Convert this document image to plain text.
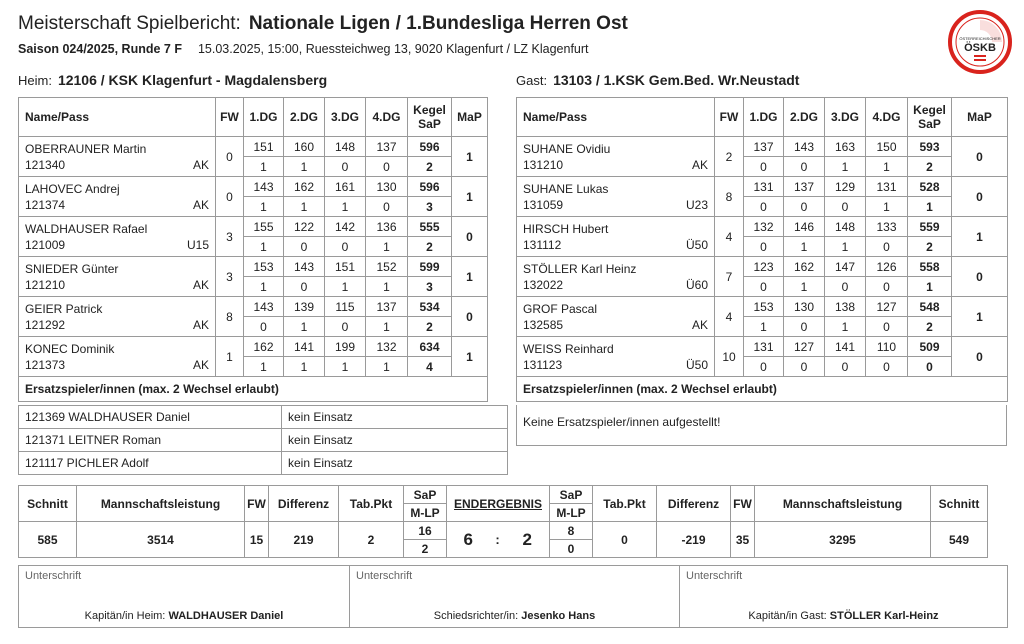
Meisterschaft Spielbericht: Nationale Ligen / 1.Bundesliga Herren Ost
Saison 024/2025, Runde 7 F 15.03.2025, 15:00, Ruessteichweg 13, 9020 Klagenfurt / LZ Klagenfurt
ÖSTERREICHISCHER
ÖSKB
Heim: 12106 / KSK Klagenfurt - Magdalensberg	Gast: 13103 / 1.KSK Gem.Bed. Wr.Neustadt
Name/Pass	FW	1.DG	2.DG	3.DG	4.DG	Kegel
SaP	MaP

OBERRAUNER Martin
121340 AK	0	151	160	148	137	596	1
		1	1	0	0	2	

LAHOVEC Andrej
121374 AK	0	143	162	161	130	596	1
		1	1	1	0	3	

WALDHAUSER Rafael
121009 U15	3	155	122	142	136	555	0
		1	0	0	1	2	

SNIEDER Günter
121210 AK	3	153	143	151	152	599	1
		1	0	1	1	3	

GEIER Patrick
121292 AK	8	143	139	115	137	534	0
		0	1	0	1	2	

KONEC Dominik
121373 AK	1	162	141	199	132	634	1
		1	1	1	1	4	
Ersatzspieler/innen (max. 2 Wechsel erlaubt)							
Name/Pass	FW	1.DG	2.DG	3.DG	4.DG	Kegel
SaP	MaP

SUHANE Ovidiu
131210 AK	2	137	143	163	150	593	0
		0	0	1	1	2	

SUHANE Lukas
131059 U23	8	131	137	129	131	528	0
		0	0	0	1	1	

HIRSCH Hubert
131112 Ü50	4	132	146	148	133	559	1
		0	1	1	0	2	

STÖLLER Karl Heinz
132022 Ü60	7	123	162	147	126	558	0
		0	1	0	0	1	

GROF Pascal
132585 AK	4	153	130	138	127	548	1
		1	0	1	0	2	

WEISS Reinhard
131123 Ü50	10	131	127	141	110	509	0
		0	0	0	0	0	
Ersatzspieler/innen (max. 2 Wechsel erlaubt)							
121369 WALDHAUSER Daniel	kein Einsatz
121371 LEITNER Roman	kein Einsatz
121117 PICHLER Adolf	kein Einsatz
Keine Ersatzspieler/innen aufgestellt!
Schnitt	Mannschaftsleistung	FW	Differenz	Tab.Pkt	SaP	ENDERGEBNIS			SaP	Tab.Pkt	Differenz	FW	Mannschaftsleistung	Schnitt
					M-LP				M-LP					
585	3514	15	219	2	16	6	:	2	8	0	-219	35	3295	549
					2				0					
Unterschrift
Kapitän/in Heim: WALDHAUSER Daniel

Unterschrift
Schiedsrichter/in: Jesenko Hans

Unterschrift
Kapitän/in Gast: STÖLLER Karl-Heinz
